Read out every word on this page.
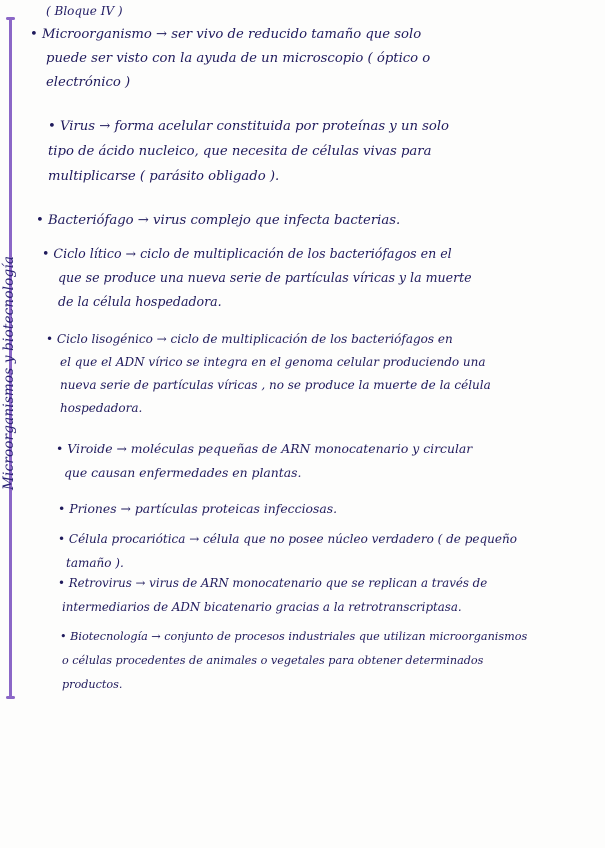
Microorganismos y biotecnología
( Bloque IV )
• Microorganismo → ser vivo de reducido tamaño que solo
puede ser visto con la ayuda de un microscopio ( óptico o
electrónico )
• Virus → forma acelular constituida por proteínas y un solo
tipo de ácido nucleico, que necesita de células vivas para
multiplicarse ( parásito obligado ).
• Bacteriófago → virus complejo que infecta bacterias.
• Ciclo lítico → ciclo de multiplicación de los bacteriófagos en el
que se produce una nueva serie de partículas víricas y la muerte
de la célula hospedadora.
• Ciclo lisogénico → ciclo de multiplicación de los bacteriófagos en
el que el ADN vírico se integra en el genoma celular produciendo una
nueva serie de partículas víricas , no se produce la muerte de la célula
hospedadora.
• Viroide → moléculas pequeñas de ARN monocatenario y circular
que causan enfermedades en plantas.
• Priones → partículas proteicas infecciosas.
• Célula procariótica → célula que no posee núcleo verdadero ( de pequeño
tamaño ).
• Retrovirus → virus de ARN monocatenario que se replican a través de
intermediarios de ADN bicatenario gracias a la retrotranscriptasa.
• Biotecnología → conjunto de procesos industriales que utilizan microorganismos
o células procedentes de animales o vegetales para obtener determinados
productos.
